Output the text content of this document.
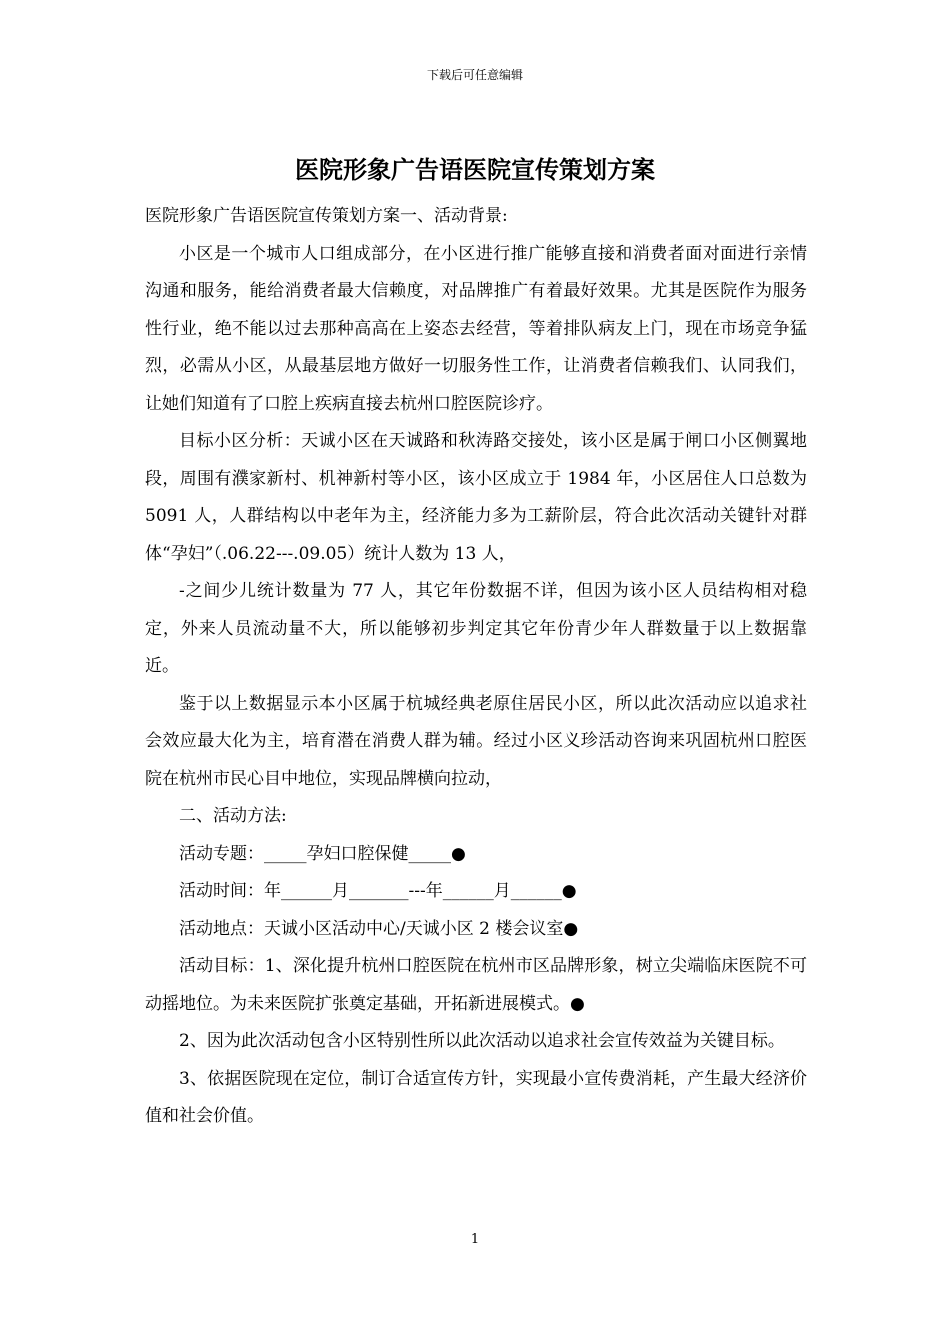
下载后可任意编辑
医院形象广告语医院宣传策划方案

医院形象广告语医院宣传策划方案一、活动背景:

小区是一个城市人口组成部分，在小区进行推广能够直接和消费者面对面进行亲情沟通和服务，能给消费者最大信赖度，对品牌推广有着最好效果。尤其是医院作为服务性行业，绝不能以过去那种高高在上姿态去经营，等着排队病友上门，现在市场竞争猛烈，必需从小区，从最基层地方做好一切服务性工作，让消费者信赖我们、认同我们，让她们知道有了口腔上疾病直接去杭州口腔医院诊疗。

目标小区分析：天诚小区在天诚路和秋涛路交接处，该小区是属于闸口小区侧翼地段，周围有濮家新村、机神新村等小区，该小区成立于 1984 年，小区居住人口总数为 5091 人，人群结构以中老年为主，经济能力多为工薪阶层，符合此次活动关键针对群体“孕妇”（.06.22---.09.05）统计人数为 13 人，

-之间少儿统计数量为 77 人，其它年份数据不详，但因为该小区人员结构相对稳定，外来人员流动量不大，所以能够初步判定其它年份青少年人群数量于以上数据靠近。

鉴于以上数据显示本小区属于杭城经典老原住居民小区，所以此次活动应以追求社会效应最大化为主，培育潜在消费人群为辅。经过小区义珍活动咨询来巩固杭州口腔医院在杭州市民心目中地位，实现品牌横向拉动，

二、活动方法:

活动专题：_____孕妇口腔保健_____●

活动时间：年______月_______---年______月______●

活动地点：天诚小区活动中心/天诚小区 2 楼会议室●

活动目标：1、深化提升杭州口腔医院在杭州市区品牌形象，树立尖端临床医院不可动摇地位。为未来医院扩张奠定基础，开拓新进展模式。●

2、因为此次活动包含小区特别性所以此次活动以追求社会宣传效益为关键目标。

3、依据医院现在定位，制订合适宣传方针，实现最小宣传费消耗，产生最大经济价值和社会价值。

1
